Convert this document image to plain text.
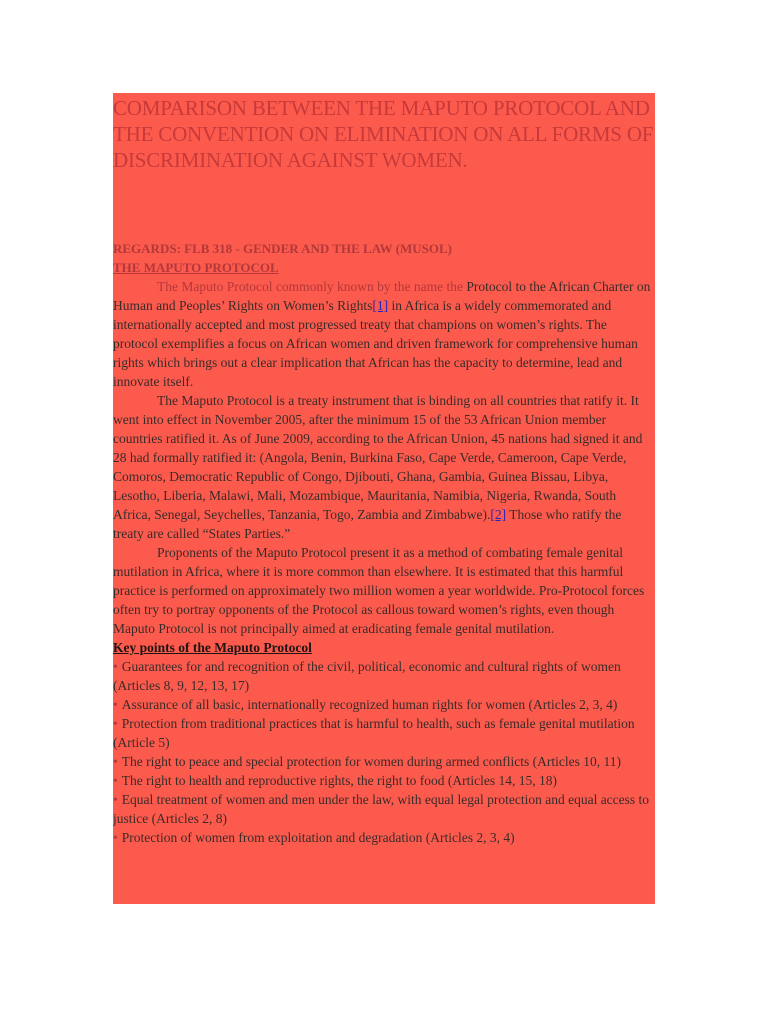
COMPARISON BETWEEN THE MAPUTO PROTOCOL AND THE CONVENTION ON ELIMINATION ON ALL FORMS OF DISCRIMINATION AGAINST WOMEN.
REGARDS: FLB 318 - GENDER AND THE LAW (MUSOL)
THE MAPUTO PROTOCOL

The Maputo Protocol commonly known by the name the Protocol to the African Charter on Human and Peoples’ Rights on Women’s Rights[1] in Africa is a widely commemorated and internationally accepted and most progressed treaty that champions on women’s rights. The protocol exemplifies a focus on African women and driven framework for comprehensive human rights which brings out a clear implication that African has the capacity to determine, lead and innovate itself.

The Maputo Protocol is a treaty instrument that is binding on all countries that ratify it. It went into effect in November 2005, after the minimum 15 of the 53 African Union member countries ratified it. As of June 2009, according to the African Union, 45 nations had signed it and 28 had formally ratified it: (Angola, Benin, Burkina Faso, Cape Verde, Cameroon, Cape Verde, Comoros, Democratic Republic of Congo, Djibouti, Ghana, Gambia, Guinea Bissau, Libya, Lesotho, Liberia, Malawi, Mali, Mozambique, Mauritania, Namibia, Nigeria, Rwanda, South Africa, Senegal, Seychelles, Tanzania, Togo, Zambia and Zimbabwe).[2] Those who ratify the treaty are called “States Parties.”

Proponents of the Maputo Protocol present it as a method of combating female genital mutilation in Africa, where it is more common than elsewhere. It is estimated that this harmful practice is performed on approximately two million women a year worldwide. Pro-Protocol forces often try to portray opponents of the Protocol as callous toward women’s rights, even though Maputo Protocol is not principally aimed at eradicating female genital mutilation.

Key points of the Maputo Protocol

• Guarantees for and recognition of the civil, political, economic and cultural rights of women (Articles 8, 9, 12, 13, 17)

• Assurance of all basic, internationally recognized human rights for women (Articles 2, 3, 4)

• Protection from traditional practices that is harmful to health, such as female genital mutilation (Article 5)

• The right to peace and special protection for women during armed conflicts (Articles 10, 11)

• The right to health and reproductive rights, the right to food (Articles 14, 15, 18)

• Equal treatment of women and men under the law, with equal legal protection and equal access to justice (Articles 2, 8)

• Protection of women from exploitation and degradation (Articles 2, 3, 4)
